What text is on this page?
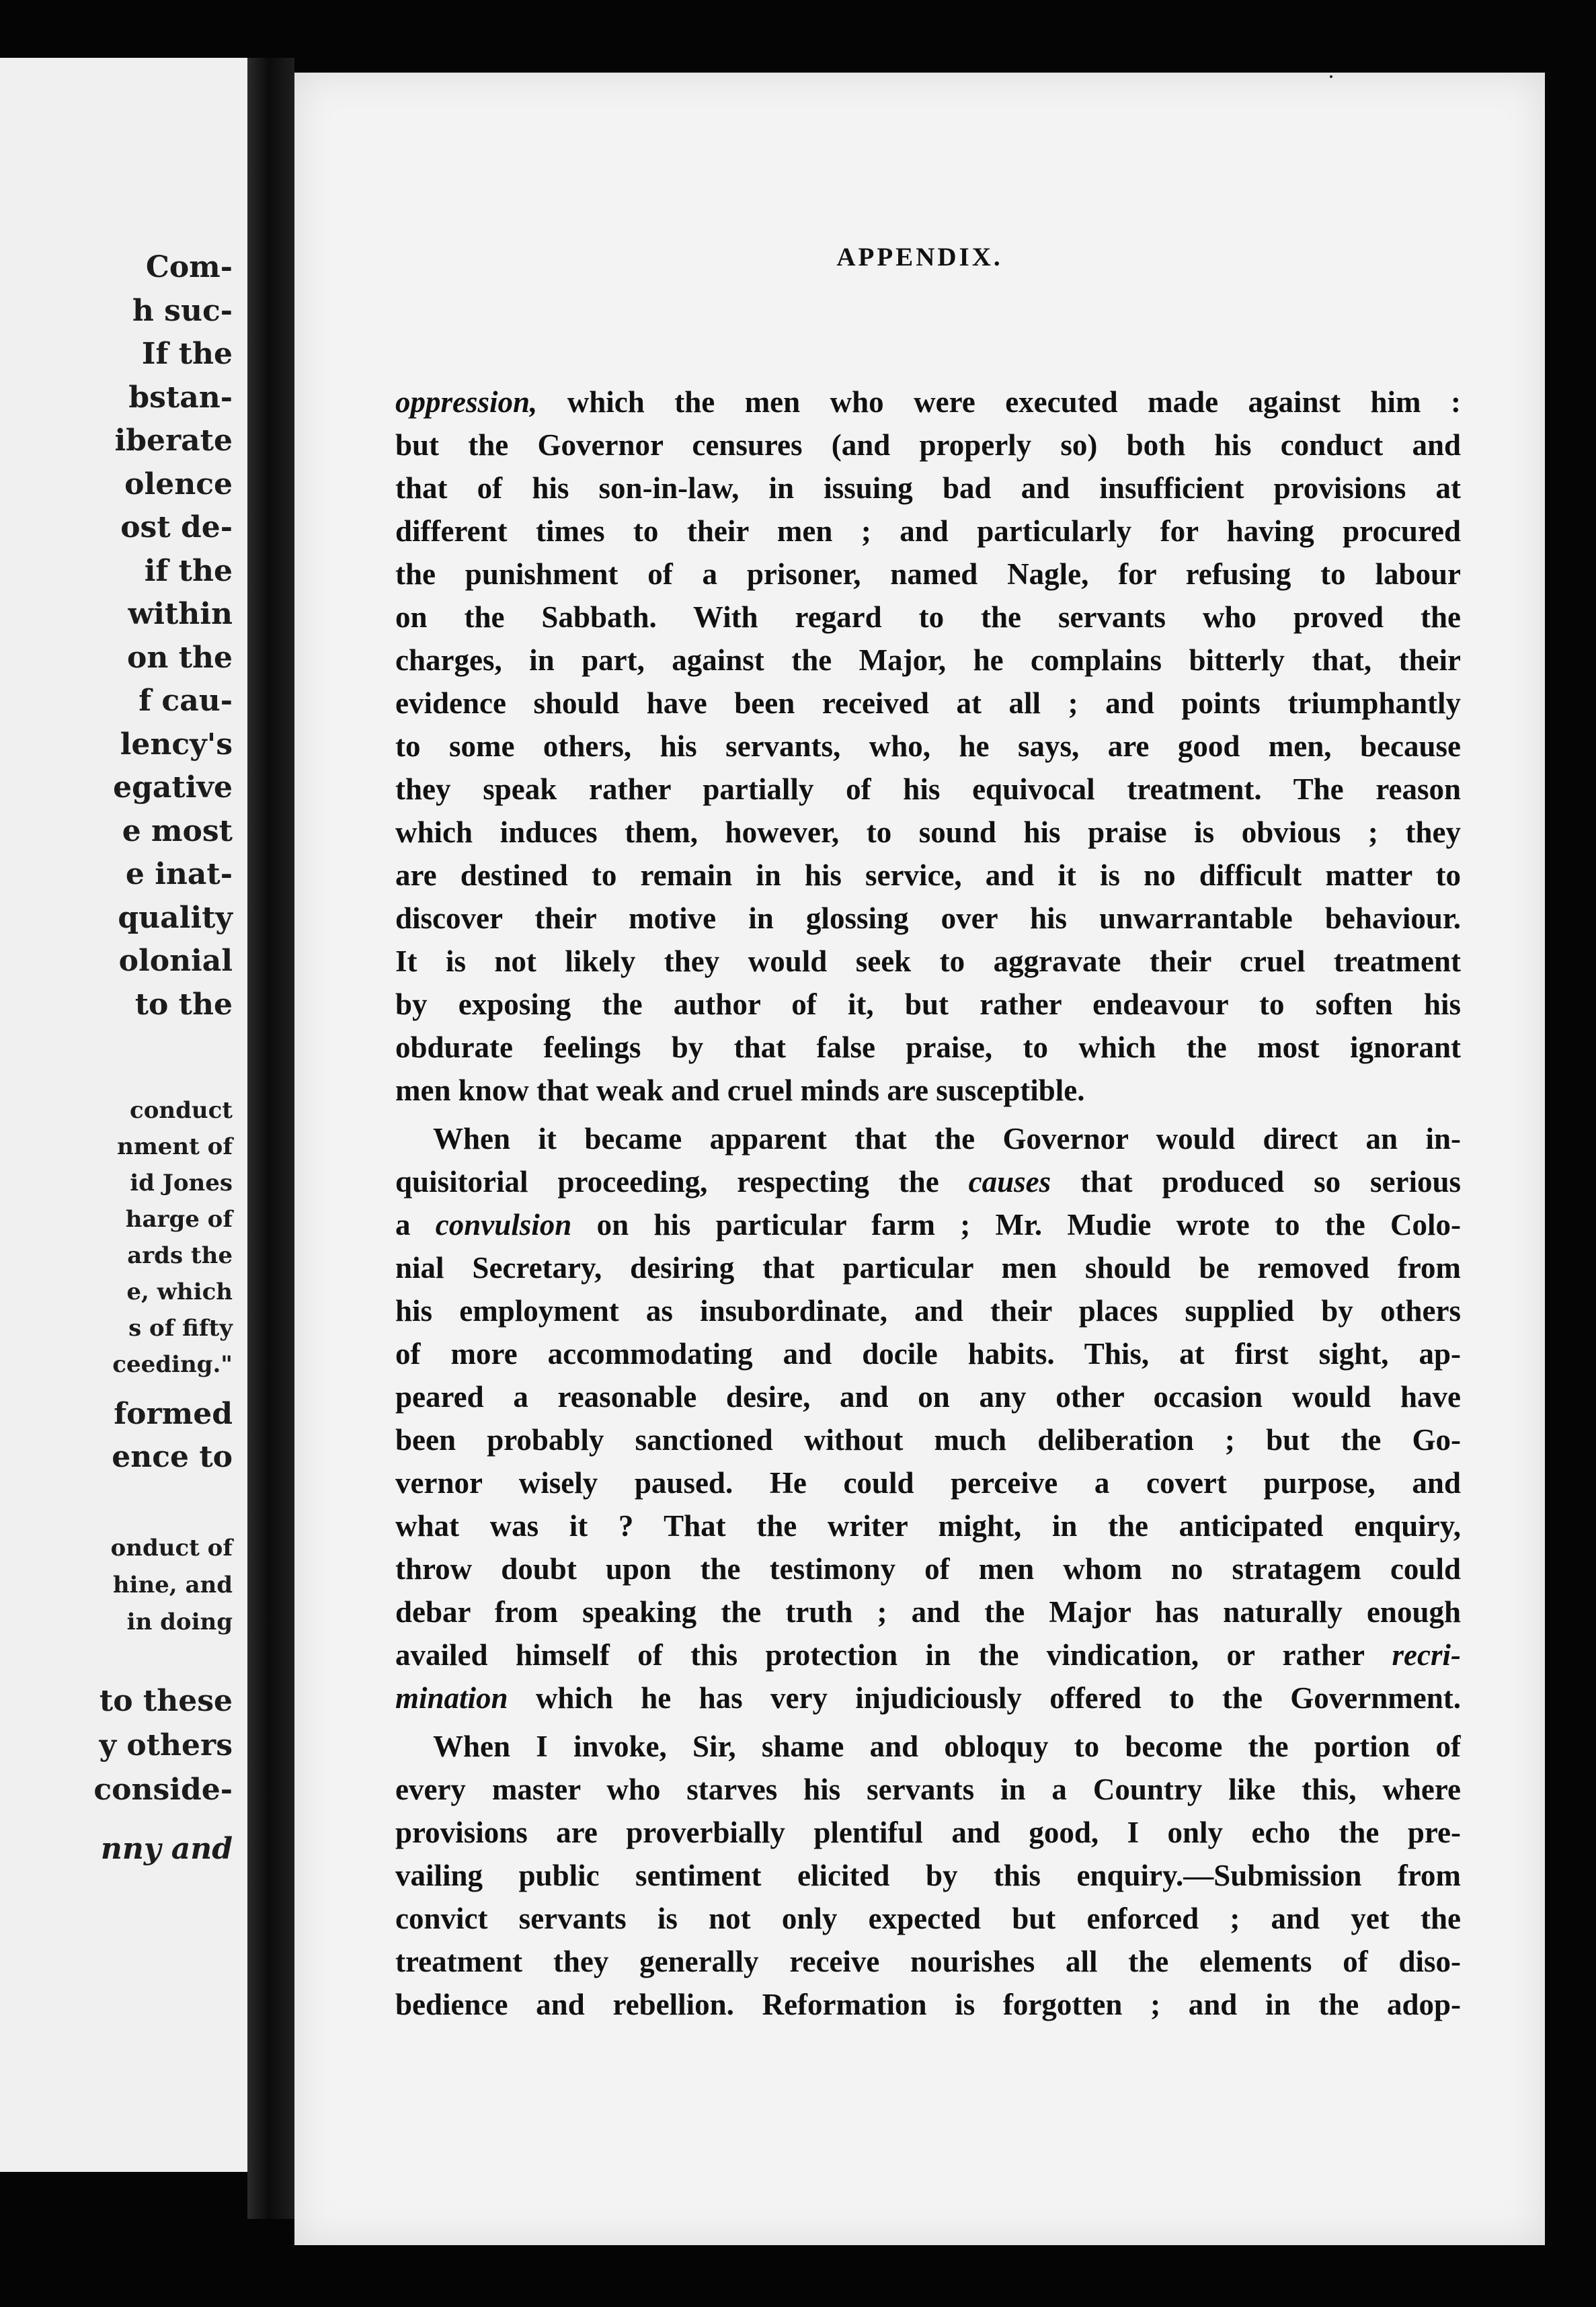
Com-

h suc-

If the

bstan-

iberate

olence

ost de-

if the

within

on the

f cau-

lency's

egative

e most

e inat-

quality

olonial

to the

conduct

nment of

id Jones

harge of

ards the

e, which

s of fifty

ceeding."

formed

ence to

onduct of

hine, and

in doing

to these

y others

conside-

nny and

APPENDIX.
oppression, which the men who were executed made against him :
but the Governor censures (and properly so) both his conduct and
that of his son-in-law, in issuing bad and insufficient provisions at
different times to their men ; and particularly for having procured
the punishment of a prisoner, named Nagle, for refusing to labour
on the Sabbath. With regard to the servants who proved the
charges, in part, against the Major, he complains bitterly that, their
evidence should have been received at all ; and points triumphantly
to some others, his servants, who, he says, are good men, because
they speak rather partially of his equivocal treatment. The reason
which induces them, however, to sound his praise is obvious ; they
are destined to remain in his service, and it is no difficult matter to
discover their motive in glossing over his unwarrantable behaviour.
It is not likely they would seek to aggravate their cruel treatment
by exposing the author of it, but rather endeavour to soften his
obdurate feelings by that false praise, to which the most ignorant
men know that weak and cruel minds are susceptible.
When it became apparent that the Governor would direct an in-
quisitorial proceeding, respecting the causes that produced so serious
a convulsion on his particular farm ; Mr. Mudie wrote to the Colo-
nial Secretary, desiring that particular men should be removed from
his employment as insubordinate, and their places supplied by others
of more accommodating and docile habits. This, at first sight, ap-
peared a reasonable desire, and on any other occasion would have
been probably sanctioned without much deliberation ; but the Go-
vernor wisely paused. He could perceive a covert purpose, and
what was it ? That the writer might, in the anticipated enquiry,
throw doubt upon the testimony of men whom no stratagem could
debar from speaking the truth ; and the Major has naturally enough
availed himself of this protection in the vindication, or rather recri-
mination which he has very injudiciously offered to the Government.
When I invoke, Sir, shame and obloquy to become the portion of
every master who starves his servants in a Country like this, where
provisions are proverbially plentiful and good, I only echo the pre-
vailing public sentiment elicited by this enquiry.—Submission from
convict servants is not only expected but enforced ; and yet the
treatment they generally receive nourishes all the elements of diso-
bedience and rebellion. Reformation is forgotten ; and in the adop-
